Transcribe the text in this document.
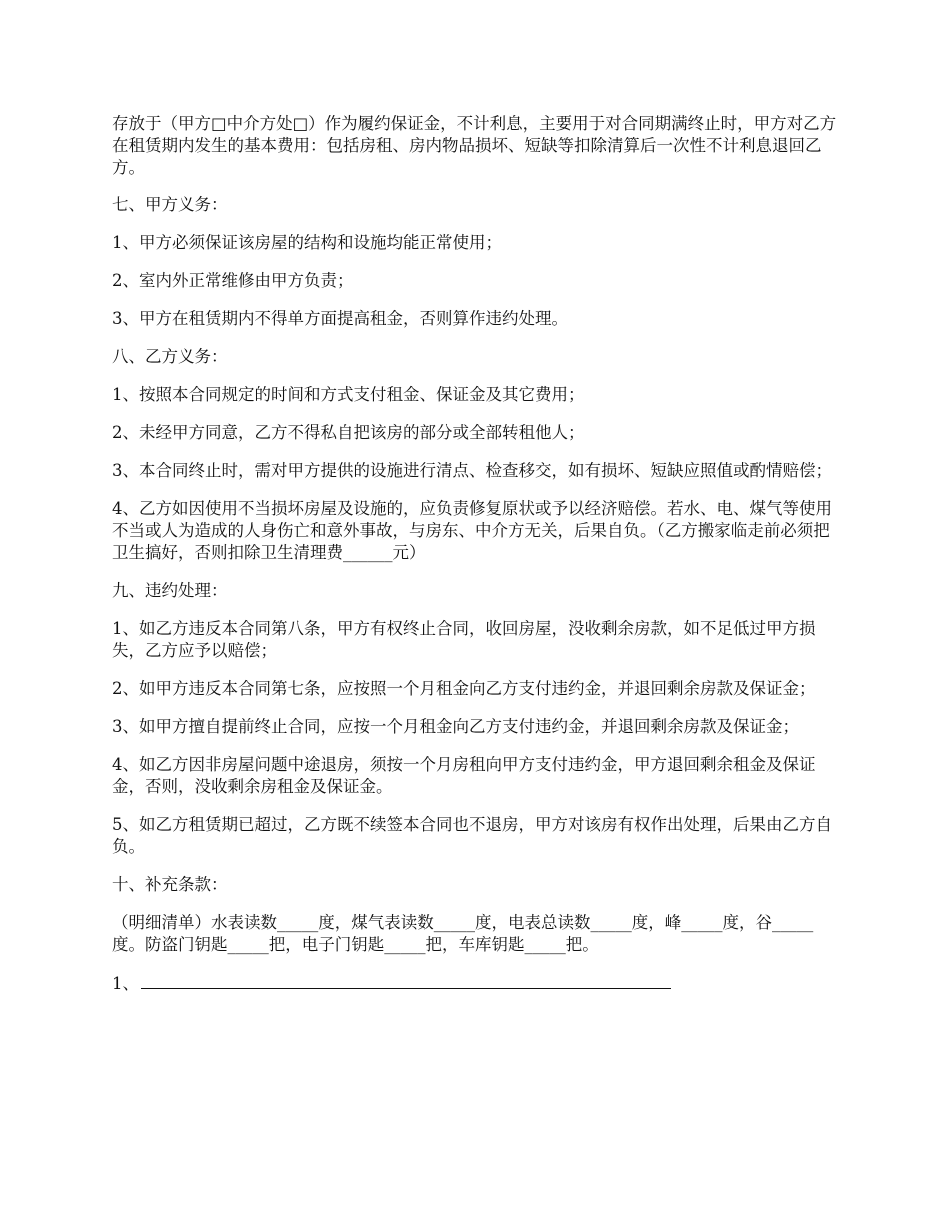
存放于（甲方□中介方处□）作为履约保证金，不计利息，主要用于对合同期满终止时，甲方对乙方在租赁期内发生的基本费用：包括房租、房内物品损坏、短缺等扣除清算后一次性不计利息退回乙方。

七、甲方义务：

1、甲方必须保证该房屋的结构和设施均能正常使用；

2、室内外正常维修由甲方负责；

3、甲方在租赁期内不得单方面提高租金，否则算作违约处理。

八、乙方义务：

1、按照本合同规定的时间和方式支付租金、保证金及其它费用；

2、未经甲方同意，乙方不得私自把该房的部分或全部转租他人；

3、本合同终止时，需对甲方提供的设施进行清点、检查移交，如有损坏、短缺应照值或酌情赔偿；

4、乙方如因使用不当损坏房屋及设施的，应负责修复原状或予以经济赔偿。若水、电、煤气等使用不当或人为造成的人身伤亡和意外事故，与房东、中介方无关，后果自负。（乙方搬家临走前必须把卫生搞好，否则扣除卫生清理费______元）

九、违约处理：

1、如乙方违反本合同第八条，甲方有权终止合同，收回房屋，没收剩余房款，如不足低过甲方损失，乙方应予以赔偿；

2、如甲方违反本合同第七条，应按照一个月租金向乙方支付违约金，并退回剩余房款及保证金；

3、如甲方擅自提前终止合同，应按一个月租金向乙方支付违约金，并退回剩余房款及保证金；

4、如乙方因非房屋问题中途退房，须按一个月房租向甲方支付违约金，甲方退回剩余租金及保证金，否则，没收剩余房租金及保证金。

5、如乙方租赁期已超过，乙方既不续签本合同也不退房，甲方对该房有权作出处理，后果由乙方自负。

十、补充条款：

（明细清单）水表读数_____度，煤气表读数_____度，电表总读数_____度，峰_____度，谷_____度。防盗门钥匙_____把，电子门钥匙_____把，车库钥匙_____把。

1、
